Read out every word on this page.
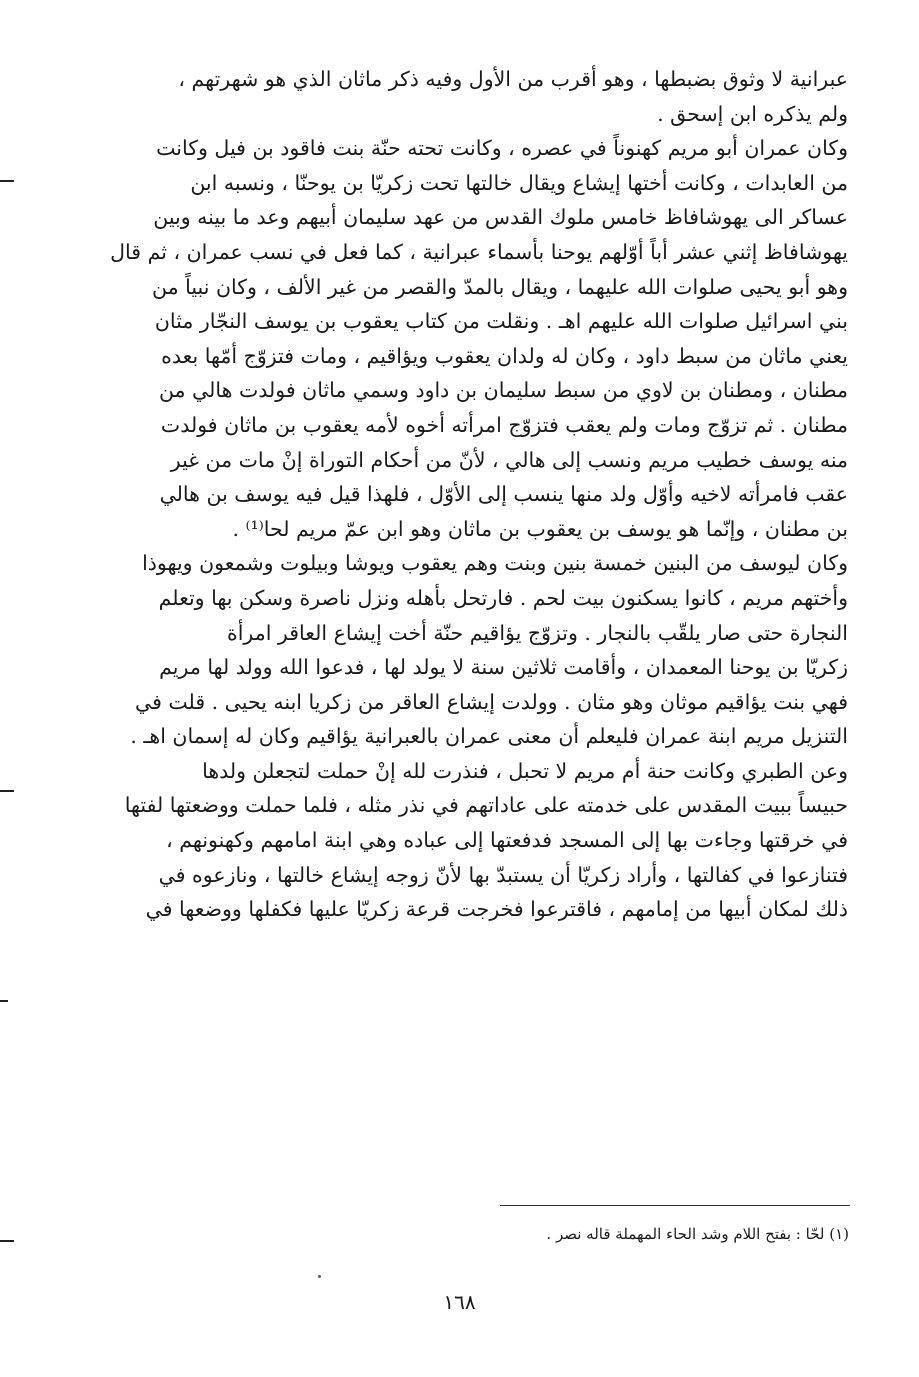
عبرانية لا وثوق بضبطها ، وهو أقرب من الأول وفيه ذكر ماثان الذي هو شهرتهم ،
ولم يذكره ابن إسحق .
وكان عمران أبو مريم كهنوناً في عصره ، وكانت تحته حنّة بنت فاقود بن فيل وكانت
من العابدات ، وكانت أختها إيشاع ويقال خالتها تحت زكريّا بن يوحنّا ، ونسبه ابن
عساكر الى يهوشافاظ خامس ملوك القدس من عهد سليمان أبيهم وعد ما بينه وبين
يهوشافاظ إثني عشر أباً أوّلهم يوحنا بأسماء عبرانية ، كما فعل في نسب عمران ، ثم قال
وهو أبو يحيى صلوات الله عليهما ، ويقال بالمدّ والقصر من غير الألف ، وكان نبياً من
بني اسرائيل صلوات الله عليهم اهـ . ونقلت من كتاب يعقوب بن يوسف النجّار مثان
يعني ماثان من سبط داود ، وكان له ولدان يعقوب ويؤاقيم ، ومات فتزوّج أمّها بعده
مطنان ، ومطنان بن لاوي من سبط سليمان بن داود وسمي ماثان فولدت هالي من
مطنان . ثم تزوّج ومات ولم يعقب فتزوّج امرأته أخوه لأمه يعقوب بن ماثان فولدت
منه يوسف خطيب مريم ونسب إلى هالي ، لأنّ من أحكام التوراة إنْ مات من غير
عقب فامرأته لاخيه وأوّل ولد منها ينسب إلى الأوّل ، فلهذا قيل فيه يوسف بن هالي
بن مطنان ، وإنّما هو يوسف بن يعقوب بن ماثان وهو ابن عمّ مريم لحا⁽¹⁾ .
وكان ليوسف من البنين خمسة بنين وبنت وهم يعقوب ويوشا وبيلوت وشمعون ويهوذا
وأختهم مريم ، كانوا يسكنون بيت لحم . فارتحل بأهله ونزل ناصرة وسكن بها وتعلم
النجارة حتى صار يلقّب بالنجار . وتزوّج يؤاقيم حنّة أخت إيشاع العاقر امرأة
زكريّا بن يوحنا المعمدان ، وأقامت ثلاثين سنة لا يولد لها ، فدعوا الله وولد لها مريم
فهي بنت يؤاقيم موثان وهو مثان . وولدت إيشاع العاقر من زكريا ابنه يحيى . قلت في
التنزيل مريم ابنة عمران فليعلم أن معنى عمران بالعبرانية يؤاقيم وكان له إسمان اهـ .
وعن الطبري وكانت حنة أم مريم لا تحبل ، فنذرت لله إنْ حملت لتجعلن ولدها
حبيساً ببيت المقدس على خدمته على عاداتهم في نذر مثله ، فلما حملت ووضعتها لفتها
في خرقتها وجاءت بها إلى المسجد فدفعتها إلى عباده وهي ابنة امامهم وكهنونهم ،
فتنازعوا في كفالتها ، وأراد زكريّا أن يستبدّ بها لأنّ زوجه إيشاع خالتها ، ونازعوه في
ذلك لمكان أبيها من إمامهم ، فاقترعوا فخرجت قرعة زكريّا عليها فكفلها ووضعها في
(١) لحّا : بفتح اللام وشد الحاء المهملة قاله نصر .
١٦٨
